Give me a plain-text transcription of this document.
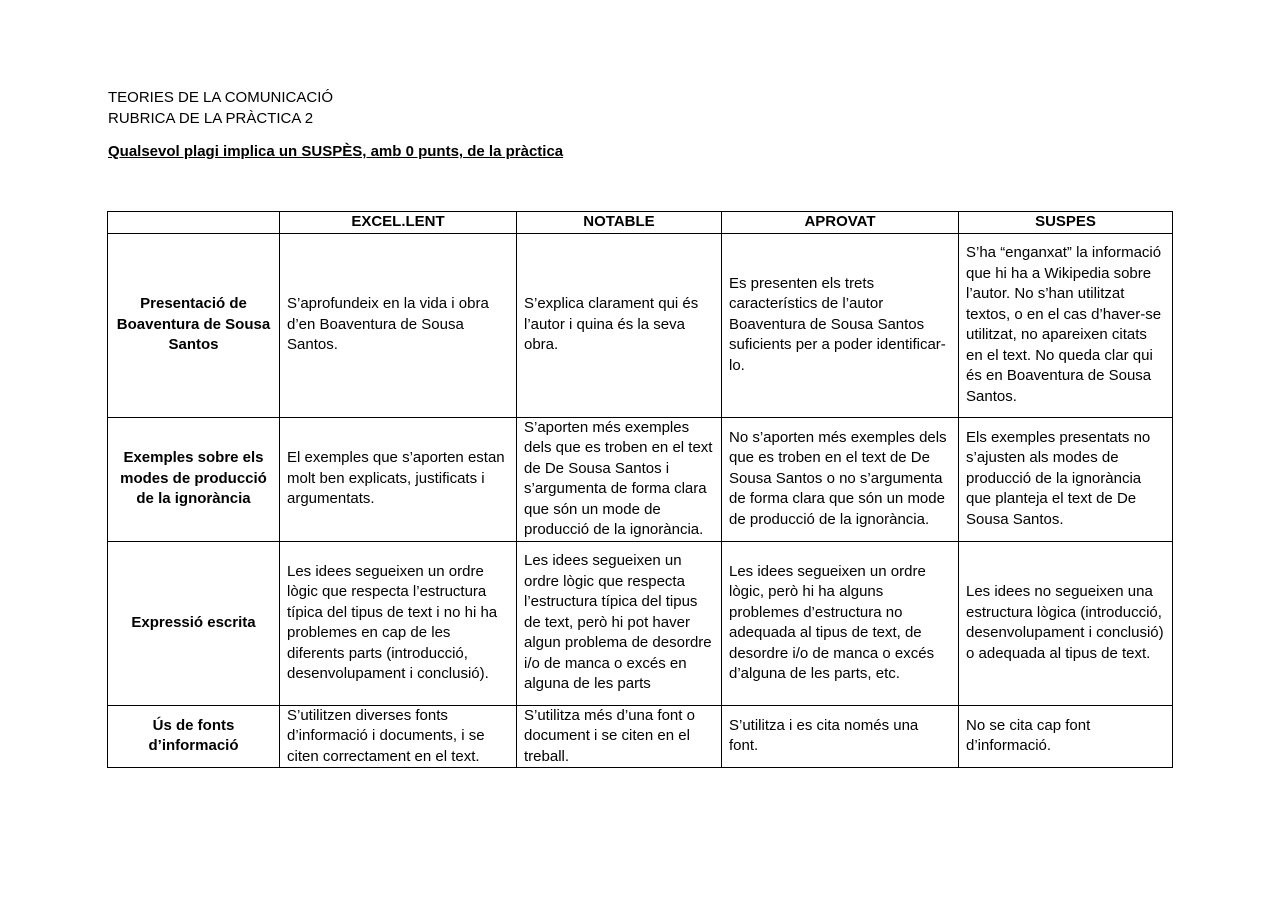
TEORIES DE LA COMUNICACIÓ
RUBRICA DE LA PRÀCTICA 2
Qualsevol plagi implica un SUSPÈS, amb 0 punts, de la pràctica
	EXCEL.LENT	NOTABLE	APROVAT	SUSPES
Presentació de Boaventura de Sousa Santos	S’aprofundeix en la vida i obra d’en Boaventura de Sousa Santos.	S’explica clarament qui és l’autor i quina és la seva obra.	Es presenten els trets característics de l’autor Boaventura de Sousa Santos suficients per a poder identificar-lo.	S’ha “enganxat” la informació que hi ha a Wikipedia sobre l’autor. No s’han utilitzat textos, o en el cas d’haver-se utilitzat, no apareixen citats en el text. No queda clar qui és en Boaventura de Sousa Santos.
Exemples sobre els modes de producció de la ignorància	El exemples que s’aporten estan molt ben explicats, justificats i argumentats.	S’aporten més exemples dels que es troben en el text de De Sousa Santos i s’argumenta de forma clara que són un mode de producció de la ignorància.	No s’aporten més exemples dels que es troben en el text de De Sousa Santos o no s’argumenta de forma clara que són un mode de producció de la ignorància.	Els exemples presentats no s’ajusten als modes de producció de la ignorància que planteja el text de De Sousa Santos.
Expressió escrita	Les idees segueixen un ordre lògic que respecta l’estructura típica del tipus de text i no hi ha problemes en cap de les diferents parts (introducció, desenvolupament i conclusió).	Les idees segueixen un ordre lògic que respecta l’estructura típica del tipus de text, però hi pot haver algun problema de desordre i/o de manca o excés en alguna de les parts	Les idees segueixen un ordre lògic, però hi ha alguns problemes d’estructura no adequada al tipus de text, de desordre i/o de manca o excés d’alguna de les parts, etc.	Les idees no segueixen una estructura lògica (introducció, desenvolupament i conclusió) o adequada al tipus de text.
Ús de fonts d’informació	S’utilitzen diverses fonts d’informació i documents, i se citen correctament en el text.	S’utilitza més d’una font o document i se citen en el treball.	S’utilitza i es cita només una font.	No se cita cap font d’informació.
